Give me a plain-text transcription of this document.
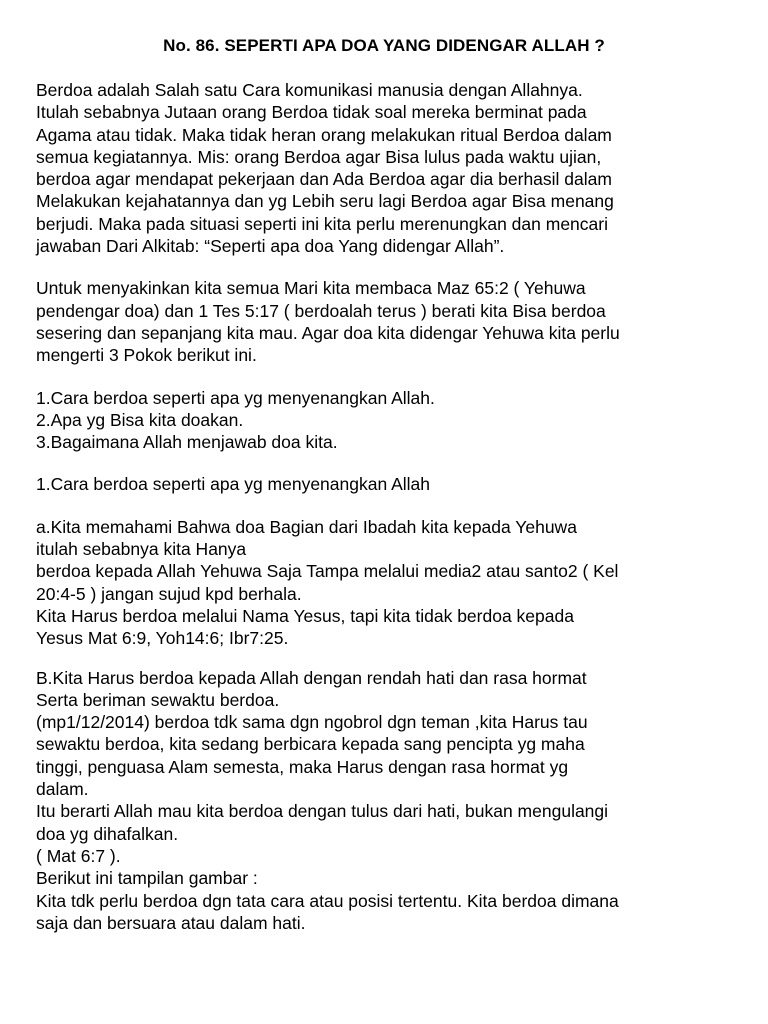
No. 86. SEPERTI APA DOA YANG DIDENGAR ALLAH ?
Berdoa adalah Salah satu Cara komunikasi manusia dengan Allahnya.
Itulah sebabnya Jutaan orang Berdoa tidak soal mereka berminat pada
Agama atau tidak. Maka tidak heran orang melakukan ritual Berdoa dalam
semua kegiatannya. Mis: orang Berdoa agar Bisa lulus pada waktu ujian,
berdoa agar mendapat pekerjaan dan Ada Berdoa agar dia berhasil dalam
Melakukan kejahatannya dan yg Lebih seru lagi Berdoa agar Bisa menang
berjudi. Maka pada situasi seperti ini kita perlu merenungkan dan mencari
jawaban Dari Alkitab: “Seperti apa doa Yang didengar Allah”.
Untuk menyakinkan kita semua Mari kita membaca Maz 65:2 ( Yehuwa
pendengar doa) dan 1 Tes 5:17 ( berdoalah terus ) berati kita Bisa berdoa
sesering dan sepanjang kita mau. Agar doa kita didengar Yehuwa kita perlu
mengerti 3 Pokok berikut ini.
1.Cara berdoa seperti apa yg menyenangkan Allah.
2.Apa yg Bisa kita doakan.
3.Bagaimana Allah menjawab doa kita.
1.Cara berdoa seperti apa yg menyenangkan Allah
a.Kita memahami Bahwa doa Bagian dari Ibadah kita kepada Yehuwa
itulah sebabnya kita Hanya
berdoa kepada Allah Yehuwa Saja Tampa melalui media2 atau santo2 ( Kel
20:4-5 ) jangan sujud kpd berhala.
Kita Harus berdoa melalui Nama Yesus, tapi kita tidak berdoa kepada
Yesus Mat 6:9, Yoh14:6; Ibr7:25.
B.Kita Harus berdoa kepada Allah dengan rendah hati dan rasa hormat
Serta beriman sewaktu berdoa.
(mp1/12/2014) berdoa tdk sama dgn ngobrol dgn teman ,kita Harus tau
sewaktu berdoa, kita sedang berbicara kepada sang pencipta yg maha
tinggi, penguasa Alam semesta, maka Harus dengan rasa hormat yg
dalam.
Itu berarti Allah mau kita berdoa dengan tulus dari hati, bukan mengulangi
doa yg dihafalkan.
( Mat 6:7 ).
Berikut ini tampilan gambar :
Kita tdk perlu berdoa dgn tata cara atau posisi tertentu. Kita berdoa dimana
saja dan bersuara atau dalam hati.
